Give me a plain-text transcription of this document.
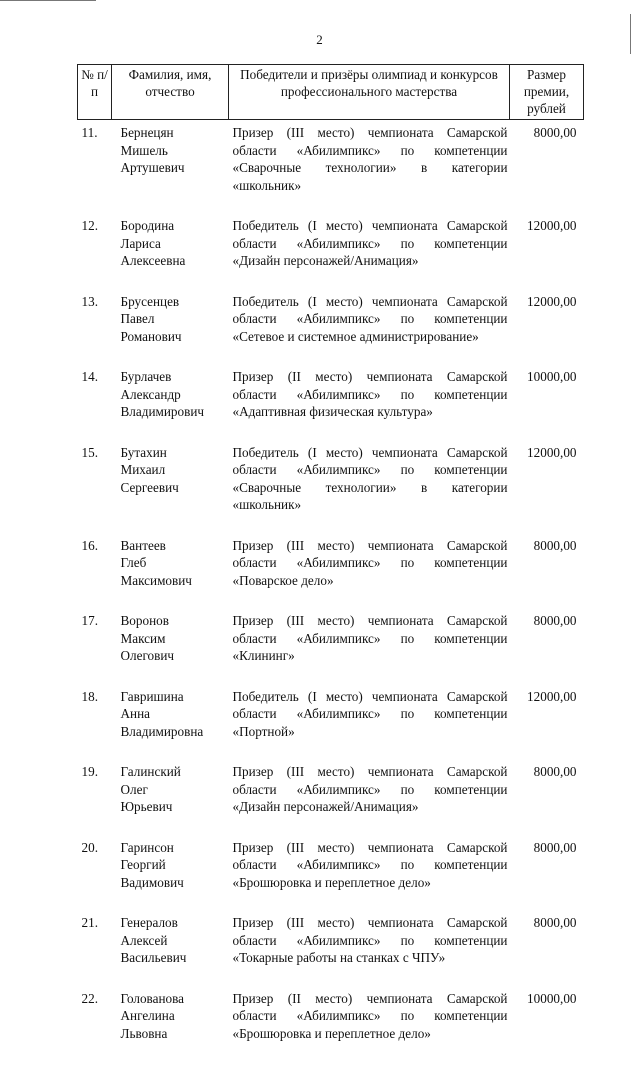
2
№ п/п	Фамилия, имя, отчество	Победители и призёры олимпиад и конкурсов профессионального мастерства	Размер премии, рублей
11.	Бернецян
Мишель
Артушевич	Призер (III место) чемпионата Самарской области «Абилимпикс» по компетенции «Сварочные технологии» в категории «школьник»	8000,00
12.	Бородина
Лариса
Алексеевна	Победитель (I место) чемпионата Самарской области «Абилимпикс» по компетенции «Дизайн персонажей/Анимация»	12000,00
13.	Брусенцев
Павел
Романович	Победитель (I место) чемпионата Самарской области «Абилимпикс» по компетенции «Сетевое и системное администрирование»	12000,00
14.	Бурлачев
Александр
Владимирович	Призер (II место) чемпионата Самарской области «Абилимпикс» по компетенции «Адаптивная физическая культура»	10000,00
15.	Бутахин
Михаил
Сергеевич	Победитель (I место) чемпионата Самарской области «Абилимпикс» по компетенции «Сварочные технологии» в категории «школьник»	12000,00
16.	Вантеев
Глеб
Максимович	Призер (III место) чемпионата Самарской области «Абилимпикс» по компетенции «Поварское дело»	8000,00
17.	Воронов
Максим
Олегович	Призер (III место) чемпионата Самарской области «Абилимпикс» по компетенции «Клининг»	8000,00
18.	Гавришина
Анна
Владимировна	Победитель (I место) чемпионата Самарской области «Абилимпикс» по компетенции «Портной»	12000,00
19.	Галинский
Олег
Юрьевич	Призер (III место) чемпионата Самарской области «Абилимпикс» по компетенции «Дизайн персонажей/Анимация»	8000,00
20.	Гаринсон
Георгий
Вадимович	Призер (III место) чемпионата Самарской области «Абилимпикс» по компетенции «Брошюровка и переплетное дело»	8000,00
21.	Генералов
Алексей
Васильевич	Призер (III место) чемпионата Самарской области «Абилимпикс» по компетенции «Токарные работы на станках с ЧПУ»	8000,00
22.	Голованова
Ангелина
Львовна	Призер (II место) чемпионата Самарской области «Абилимпикс» по компетенции «Брошюровка и переплетное дело»	10000,00
